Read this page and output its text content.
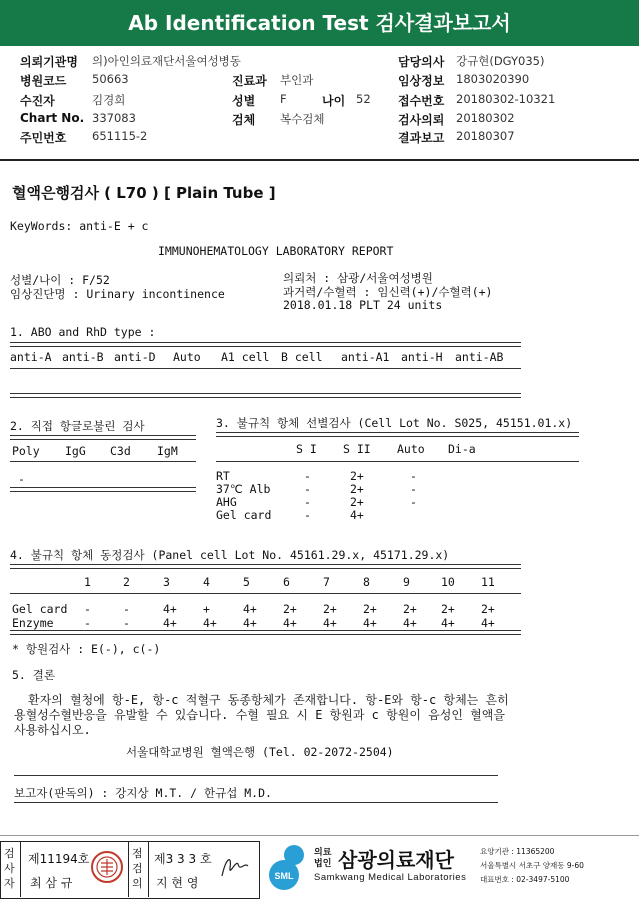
Ab Identification Test 검사결과보고서
의뢰기관명 의)아인의료재단서울여성병동
병원코드 50663
수진자	김경희
Chart No. 337083
주민번호 651115-2
진료과 부인과
성별 F	나이 52
검체 복수검체
담당의사 강규현(DGY035)
임상정보 1803020390
접수번호 20180302-10321
검사의뢰 20180302
결과보고 20180307
혈액은행검사 ( L70 ) [ Plain Tube ]
KeyWords: anti-E + c
IMMUNOHEMATOLOGY LABORATORY REPORT
성별/나이 : F/52
임상진단명 : Urinary incontinence
의뢰처 : 삼광/서울여성병원
과거력/수혈력 : 임신력(+)/수혈력(+)
2018.01.18 PLT 24 units
1. ABO and RhD type :
anti-A anti-B anti-D Auto A1 cell B cell anti-A1 anti-H anti-AB
2. 직접 항글로불린 검사
Poly IgG C3d IgM
-
3. 불규칙 항체 선별검사 (Cell Lot No. S025, 45151.01.x)
S I S II Auto Di-a
RT	-	2+	-
37℃ Alb	-	2+	-
AHG	-	2+	-
Gel card	-	4+
4. 불규칙 항체 동정검사 (Panel cell Lot No. 45161.29.x, 45171.29.x)
1	2	3	4	5	6	7	8	9	10 11
Gel card -	-	4+ +	4+ 2+ 2+ 2+ 2+ 2+ 2+
Enzyme	-	-	4+ 4+ 4+ 4+ 4+ 4+ 4+ 4+ 4+
* 항원검사 : E(-), c(-)
5. 결론
환자의 혈청에 항-E, 항-c 적혈구 동종항체가 존재합니다. 항-E와 항-c 항체는 흔히
용혈성수혈반응을 유발할 수 있습니다. 수혈 필요 시 E 항원과 c 항원이 음성인 혈액을
사용하십시오.
서울대학교병원 혈액은행 (Tel. 02-2072-2504)
보고자(판독의) : 강지상 M.T. / 한규섭 M.D.
검사자
제11194호
최 삼 규
점검의
제3 3 3 호
지 현 영	SML
의료
법인 삼광의료재단
Samkwang Medical Laboratories
요양기관 : 11365200
서울특별시 서초구 양재동 9-60
대표번호 : 02-3497-5100
